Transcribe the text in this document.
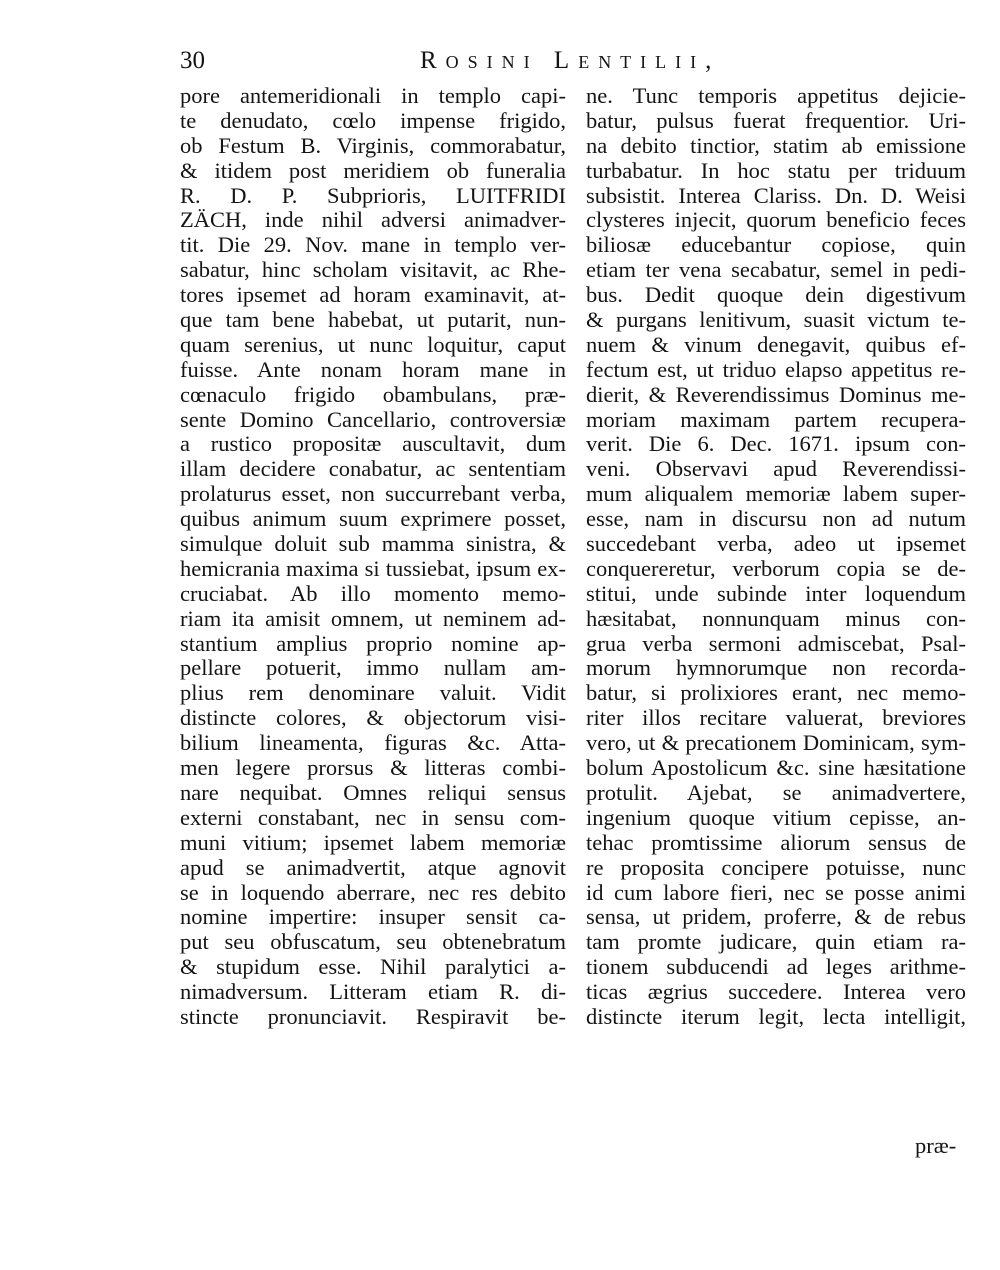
30	Rosini Lentilii,
pore antemeridionali in templo capi-
te denudato, cœlo impense frigido,
ob Festum B. Virginis, commorabatur,
& itidem post meridiem ob funeralia
R. D. P. Subprioris, LUITFRIDI
ZÄCH, inde nihil adversi animadver-
tit. Die 29. Nov. mane in templo ver-
sabatur, hinc scholam visitavit, ac Rhe-
tores ipsemet ad horam examinavit, at-
que tam bene habebat, ut putarit, nun-
quam serenius, ut nunc loquitur, caput
fuisse. Ante nonam horam mane in
cœnaculo frigido obambulans, præ-
sente Domino Cancellario, controversiæ
a rustico propositæ auscultavit, dum
illam decidere conabatur, ac sententiam
prolaturus esset, non succurrebant verba,
quibus animum suum exprimere posset,
simulque doluit sub mamma sinistra, &
hemicrania maxima si tussiebat, ipsum ex-
cruciabat. Ab illo momento memo-
riam ita amisit omnem, ut neminem ad-
stantium amplius proprio nomine ap-
pellare potuerit, immo nullam am-
plius rem denominare valuit. Vidit
distincte colores, & objectorum visi-
bilium lineamenta, figuras &c. Atta-
men legere prorsus & litteras combi-
nare nequibat. Omnes reliqui sensus
externi constabant, nec in sensu com-
muni vitium; ipsemet labem memoriæ
apud se animadvertit, atque agnovit
se in loquendo aberrare, nec res debito
nomine impertire: insuper sensit ca-
put seu obfuscatum, seu obtenebratum
& stupidum esse. Nihil paralytici a-
nimadversum. Litteram etiam R. di-
stincte pronunciavit. Respiravit be-
ne. Tunc temporis appetitus dejicie-
batur, pulsus fuerat frequentior. Uri-
na debito tinctior, statim ab emissione
turbabatur. In hoc statu per triduum
subsistit. Interea Clariss. Dn. D. Weisi
clysteres injecit, quorum beneficio feces
biliosæ educebantur copiose, quin
etiam ter vena secabatur, semel in pedi-
bus. Dedit quoque dein digestivum
& purgans lenitivum, suasit victum te-
nuem & vinum denegavit, quibus ef-
fectum est, ut triduo elapso appetitus re-
dierit, & Reverendissimus Dominus me-
moriam maximam partem recupera-
verit. Die 6. Dec. 1671. ipsum con-
veni. Observavi apud Reverendissi-
mum aliqualem memoriæ labem super-
esse, nam in discursu non ad nutum
succedebant verba, adeo ut ipsemet
conquereretur, verborum copia se de-
stitui, unde subinde inter loquendum
hæsitabat, nonnunquam minus con-
grua verba sermoni admiscebat, Psal-
morum hymnorumque non recorda-
batur, si prolixiores erant, nec memo-
riter illos recitare valuerat, breviores
vero, ut & precationem Dominicam, sym-
bolum Apostolicum &c. sine hæsitatione
protulit. Ajebat, se animadvertere,
ingenium quoque vitium cepisse, an-
tehac promtissime aliorum sensus de
re proposita concipere potuisse, nunc
id cum labore fieri, nec se posse animi
sensa, ut pridem, proferre, & de rebus
tam promte judicare, quin etiam ra-
tionem subducendi ad leges arithme-
ticas ægrius succedere. Interea vero
distincte iterum legit, lecta intelligit,
præ-
